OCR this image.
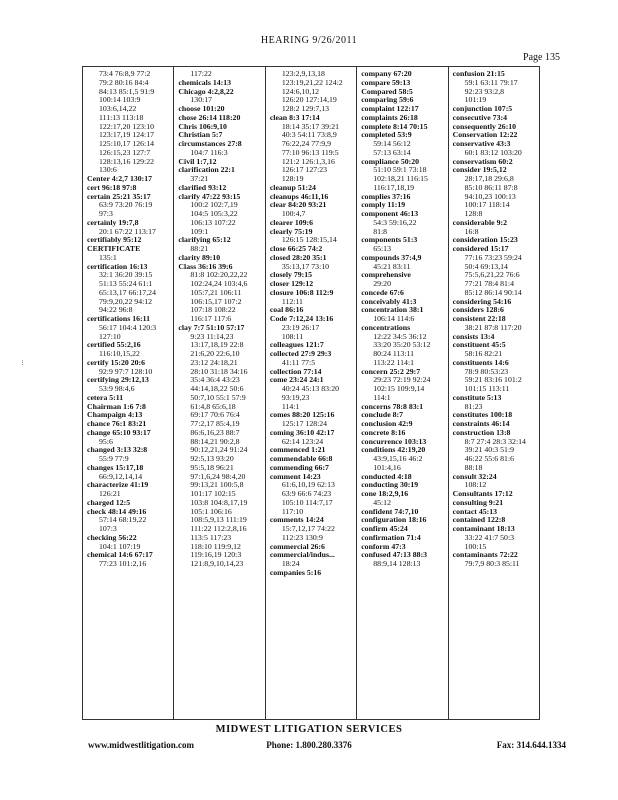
HEARING 9/26/2011
Page 135
...
73:4 76:8,9 77:2
79:2 80:16 84:4
84:13 85:1,5 91:9
100:14 103:9
103:6,14,22
111:13 113:18
122:17,20 123:10
123:17,19 124:17
125:10,17 126:14
126:15,23 127:7
128:13,16 129:22
130:6
Center 4:2,7 130:17
cert 96:18 97:8
certain 25:21 35:17
63:9 73:20 76:19
97:3
certainly 19:7,8
20:1 67:22 113:17
certifiably 95:12
CERTIFICATE
135:1
certification 16:13
32:1 36:20 39:15
51:13 55:24 61:1
65:13,17 66:17,24
79:9,20,22 94:12
94:22 96:8
certifications 16:11
56:17 104:4 120:3
127:10
certified 55:2,16
116:10,15,22
certify 15:20 20:6
92:9 97:7 128:10
certifying 29:12,13
53:9 98:4,6
cetera 5:11
Chairman 1:6 7:8
Champaign 4:13
chance 76:1 83:21
change 65:10 93:17
95:6
changed 3:13 32:8
55:9 77:9
changes 15:17,18
66:9,12,14,14
characterize 41:19
126:21
charged 12:5
check 48:14 49:16
57:14 68:19,22
107:3
checking 56:22
104:1 107:19
chemical 14:6 67:17
77:23 101:2,16
117:22
chemicals 14:13
Chicago 4:2,8,22
130:17
choose 101:20
chose 26:14 118:20
Chris 106:9,10
Christian 5:7
circumstances 27:8
104:7 116:3
Civil 1:7,12
clarification 22:1
37:21
clarified 93:12
clarify 47:22 93:15
100:2 102:7,19
104:5 105:3,22
106:13 107:22
109:1
clarifying 65:12
88:21
clarity 89:10
Class 36:16 39:6
81:8 102:20,22,22
102:24,24 103:4,6
105:7,21 106:11
106:15,17 107:2
107:18 108:22
116:17 117:6
clay 7:7 51:10 57:17
9:23 11:14,23
13:17,18,19 22:8
21:6,20 22:6,10
23:12 24:18,21
28:10 31:18 34:16
35:4 36:4 43:23
44:14,18,22 50:6
50:7,10 55:1 57:9
61:4,8 65:6,18
69:17 70:6 76:4
77:2,17 85:4,19
86:6,16,23 88:7
88:14,21 90:2,8
90:12,21,24 91:24
92:5,13 93:20
95:5,18 96:21
97:1,6,24 98:4,20
99:13,21 100:5,8
101:17 102:15
103:8 104:8,17,19
105:1 106:16
108:5,9,13 111:19
111:22 112:2,8,16
113:5 117:23
118:10 119:9,12
119:16,19 120:3
121:8,9,10,14,23
123:2,9,13,18
123:19,21,22 124:2
124:6,10,12
126:20 127:14,19
128:2 129:7,13
clean 8:3 17:14
18:14 35:17 39:21
40:3 54:11 73:8,9
76:22,24 77:9,9
77:10 96:13 119:5
121:2 126:1,3,16
126:17 127:23
128:19
cleanup 51:24
cleanups 46:11,16
clear 84:20 93:21
100:4,7
clearer 109:6
clearly 75:19
126:15 128:15,14
close 66:25 74:2
closed 28:20 35:1
35:13,17 73:10
closely 79:15
closer 129:12
closure 106:8 112:9
112:11
coal 86:16
Code 7:12,24 13:16
23:19 26:17
108:11
colleagues 121:7
collected 27:9 29:3
41:11 77:5
collection 77:14
come 23:24 24:1
40:24 45:13 83:20
93:19,23
114:1
comes 88:20 125:16
125:17 128:24
coming 36:10 42:17
62:14 123:24
commenced 1:21
commendable 66:8
commending 66:7
comment 14:23
61:6,10,19 62:13
63:9 66:6 74:23
105:10 114:7,17
117:10
comments 14:24
15:7,12,17 74:22
112:23 130:9
commercial 26:6
commercial/indus...
18:24
companies 5:16
company 67:20
compare 59:13
Compared 58:5
comparing 59:6
complaint 122:17
complaints 26:18
complete 8:14 70:15
completed 53:9
59:14 56:12
57:13 63:14
compliance 50:20
51:10 59:1 73:18
102:18,21 116:15
116:17,18,19
complies 37:16
comply 11:19
component 46:13
54:3 59:16,22
81:8
components 51:3
65:13
compounds 37:4,9
45:21 83:11
comprehensive
29:20
concede 67:6
conceivably 41:3
concentration 38:1
106:14 114:6
concentrations
12:22 34:5 36:12
33:20 35:20 53:12
80:24 113:11
113:22 114:1
concern 25:2 29:7
29:23 72:19 92:24
102:15 109:9,14
114:1
concerns 78:8 83:1
conclude 8:7
conclusion 42:9
concrete 8:16
concurrence 103:13
conditions 42:19,20
43:9,15,16 46:2
101:4,16
conducted 4:18
conducting 30:19
cone 18:2,9,16
45:12
confident 74:7,10
configuration 18:16
confirm 45:24
confirmation 71:4
conform 47:3
confused 47:13 88:3
88:9,14 128:13
confusion 21:15
59:1 63:11 79:17
92:23 93:2,8
101:19
conjunction 107:5
consecutive 73:4
consequently 26:10
Conservation 12:22
conservative 43:3
60:1 83:12 103:20
conservatism 60:2
consider 19:5,12
28:17,18 29:6,8
85:10 86:11 87:8
94:10,23 100:13
100:17 118:14
128:8
considerable 9:2
16:8
consideration 15:23
considered 15:17
77:16 73:23 59:24
50:4 69:13,14
75:5,6,21,22 76:6
77:21 78:4 81:4
85:12 86:14 90:14
considering 54:16
considers 128:6
consistent 22:18
38:21 87:8 117:20
consists 13:4
constituent 45:5
58:16 82:21
constituents 14:6
78:9 80:53:23
59:21 83:16 101:2
101:15 113:11
constitute 5:13
81:23
constitutes 100:18
constraints 46:14
construction 13:8
8:7 27:4 28:3 32:14
39:21 40:3 51:9
46:22 55:6 81:6
88:18
consult 32:24
108:12
Consultants 17:12
consulting 9:21
contact 45:13
contained 122:8
contaminant 18:13
33:22 41:7 50:3
100:15
contaminants 72:22
79:7,9 80:3 85:11
MIDWEST LITIGATION SERVICES
www.midwestlitigation.com	Phone: 1.800.280.3376	Fax: 314.644.1334
